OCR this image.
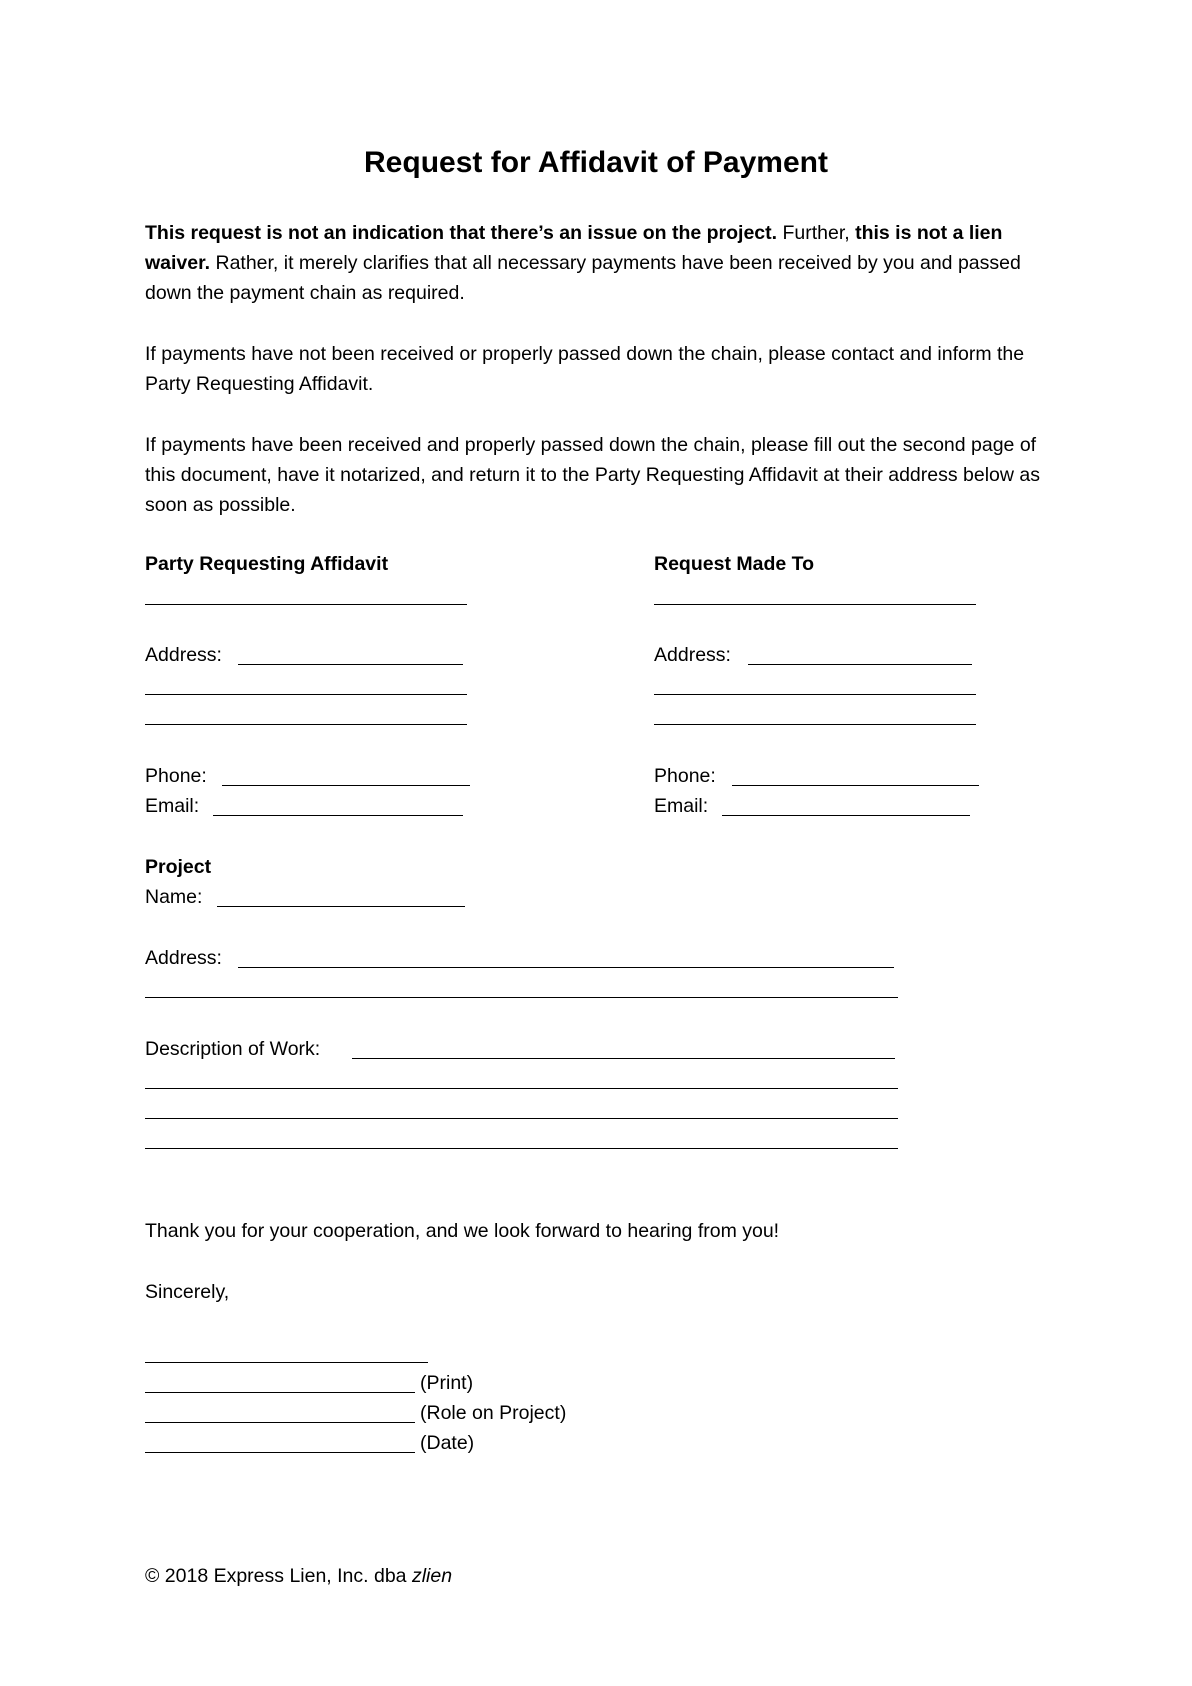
Request for Affidavit of Payment
This request is not an indication that there’s an issue on the project. Further, this is not a lien waiver. Rather, it merely clarifies that all necessary payments have been received by you and passed down the payment chain as required.
If payments have not been received or properly passed down the chain, please contact and inform the Party Requesting Affidavit.
If payments have been received and properly passed down the chain, please fill out the second page of this document, have it notarized, and return it to the Party Requesting Affidavit at their address below as soon as possible.
Party Requesting Affidavit
Address:
Phone:
Email:
Request Made To
Address:
Phone:
Email:
Project
Name:
Address:
Description of Work:
Thank you for your cooperation, and we look forward to hearing from you!
Sincerely,
(Print)
(Role on Project)
(Date)
© 2018 Express Lien, Inc. dba zlien
